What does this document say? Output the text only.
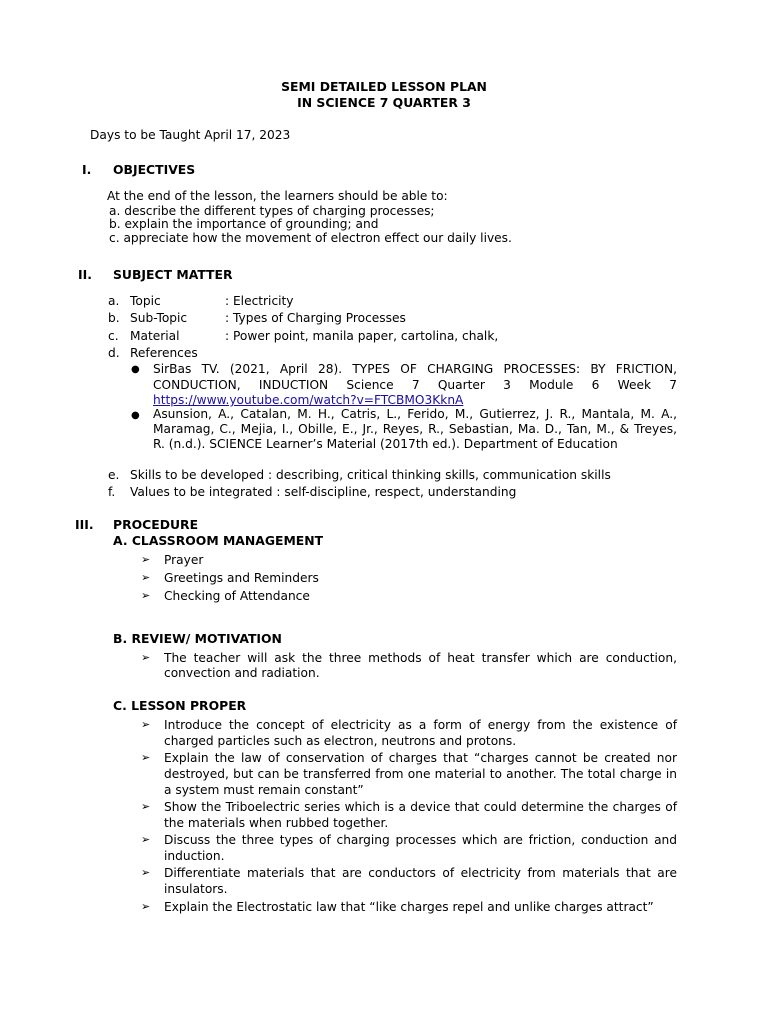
SEMI DETAILED LESSON PLAN
IN SCIENCE 7 QUARTER 3
Days to be Taught April 17, 2023
I. OBJECTIVES
At the end of the lesson, the learners should be able to:
a. describe the different types of charging processes;
b. explain the importance of grounding; and
c. appreciate how the movement of electron effect our daily lives.
II. SUBJECT MATTER
a. Topic	: Electricity
b. Sub-Topic	: Types of Charging Processes
c. Material	: Power point, manila paper, cartolina, chalk,
d. References
● SirBas TV. (2021, April 28). TYPES OF CHARGING PROCESSES: BY FRICTION,
CONDUCTION, INDUCTION Science 7 Quarter 3 Module 6 Week 7
https://www.youtube.com/watch?v=FTCBMO3KknA
● Asunsion, A., Catalan, M. H., Catris, L., Ferido, M., Gutierrez, J. R., Mantala, M. A.,
Maramag, C., Mejia, I., Obille, E., Jr., Reyes, R., Sebastian, Ma. D., Tan, M., & Treyes,
R. (n.d.). SCIENCE Learner’s Material (2017th ed.). Department of Education
e. Skills to be developed : describing, critical thinking skills, communication skills
f. Values to be integrated : self-discipline, respect, understanding
III. PROCEDURE
A. CLASSROOM MANAGEMENT
➢ Prayer
➢ Greetings and Reminders
➢ Checking of Attendance
B. REVIEW/ MOTIVATION
➢ The teacher will ask the three methods of heat transfer which are conduction,
convection and radiation.
C. LESSON PROPER
➢ Introduce the concept of electricity as a form of energy from the existence of
charged particles such as electron, neutrons and protons.
➢ Explain the law of conservation of charges that “charges cannot be created nor
destroyed, but can be transferred from one material to another. The total charge in
a system must remain constant”
➢ Show the Triboelectric series which is a device that could determine the charges of
the materials when rubbed together.
➢ Discuss the three types of charging processes which are friction, conduction and
induction.
➢ Differentiate materials that are conductors of electricity from materials that are
insulators.
➢ Explain the Electrostatic law that “like charges repel and unlike charges attract”
